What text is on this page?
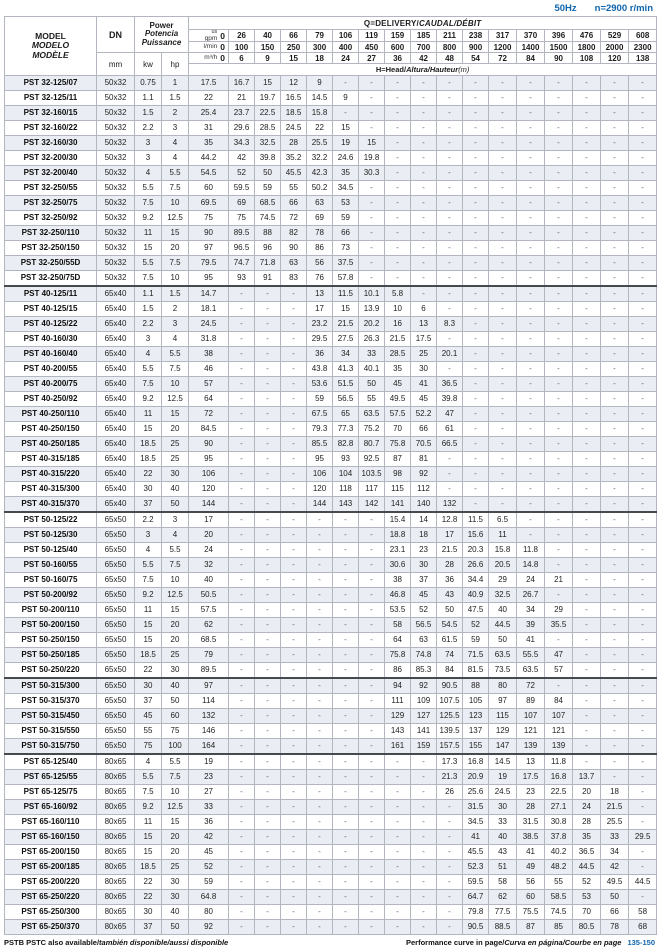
50Hz n=2900 r/min
MODEL
MODELO
MODÈLE	DN	Power
Potencia
Puissance		Q=DELIVERY/CAUDAL/DÉBIT																

				us
gpm 0	26	40	66	79	106	119	159	185	211	238	317	370	396	476	529	608

				l/min 0	100	150	250	300	400	450	600	700	800	900	1200	1400	1500	1800	2000	2300
	mm	kw	hp	m³/h 0	6	9	15	18	24	27	36	42	48	54	72	84	90	108	120	138
				H=Head/Altura/Hauteur(m)																
PST 32-125/07	50x32	0.75	1	17.5	16.7	15	12	9	-	-	-	-	-	-	-	-	-	-	-	-
PST 32-125/11	50x32	1.1	1.5	22	21	19.7	16.5	14.5	9	-	-	-	-	-	-	-	-	-	-	-
PST 32-160/15	50x32	1.5	2	25.4	23.7	22.5	18.5	15.8	-	-	-	-	-	-	-	-	-	-	-	-
PST 32-160/22	50x32	2.2	3	31	29.6	28.5	24.5	22	15	-	-	-	-	-	-	-	-	-	-	-
PST 32-160/30	50x32	3	4	35	34.3	32.5	28	25.5	19	15	-	-	-	-	-	-	-	-	-	-
PST 32-200/30	50x32	3	4	44.2	42	39.8	35.2	32.2	24.6	19.8	-	-	-	-	-	-	-	-	-	-
PST 32-200/40	50x32	4	5.5	54.5	52	50	45.5	42.3	35	30.3	-	-	-	-	-	-	-	-	-	-
PST 32-250/55	50x32	5.5	7.5	60	59.5	59	55	50.2	34.5	-	-	-	-	-	-	-	-	-	-	-
PST 32-250/75	50x32	7.5	10	69.5	69	68.5	66	63	53	-	-	-	-	-	-	-	-	-	-	-
PST 32-250/92	50x32	9.2	12.5	75	75	74.5	72	69	59	-	-	-	-	-	-	-	-	-	-	-
PST 32-250/110	50x32	11	15	90	89.5	88	82	78	66	-	-	-	-	-	-	-	-	-	-	-
PST 32-250/150	50x32	15	20	97	96.5	96	90	86	73	-	-	-	-	-	-	-	-	-	-	-
PST 32-250/55D	50x32	5.5	7.5	79.5	74.7	71.8	63	56	37.5	-	-	-	-	-	-	-	-	-	-	-
PST 32-250/75D	50x32	7.5	10	95	93	91	83	76	57.8	-	-	-	-	-	-	-	-	-	-	-
PST 40-125/11	65x40	1.1	1.5	14.7	-	-	-	13	11.5	10.1	5.8	-	-	-	-	-	-	-	-	-
PST 40-125/15	65x40	1.5	2	18.1	-	-	-	17	15	13.9	10	6	-	-	-	-	-	-	-	-
PST 40-125/22	65x40	2.2	3	24.5	-	-	-	23.2	21.5	20.2	16	13	8.3	-	-	-	-	-	-	-
PST 40-160/30	65x40	3	4	31.8	-	-	-	29.5	27.5	26.3	21.5	17.5	-	-	-	-	-	-	-	-
PST 40-160/40	65x40	4	5.5	38	-	-	-	36	34	33	28.5	25	20.1	-	-	-	-	-	-	-
PST 40-200/55	65x40	5.5	7.5	46	-	-	-	43.8	41.3	40.1	35	30	-	-	-	-	-	-	-	-
PST 40-200/75	65x40	7.5	10	57	-	-	-	53.6	51.5	50	45	41	36.5	-	-	-	-	-	-	-
PST 40-250/92	65x40	9.2	12.5	64	-	-	-	59	56.5	55	49.5	45	39.8	-	-	-	-	-	-	-
PST 40-250/110	65x40	11	15	72	-	-	-	67.5	65	63.5	57.5	52.2	47	-	-	-	-	-	-	-
PST 40-250/150	65x40	15	20	84.5	-	-	-	79.3	77.3	75.2	70	66	61	-	-	-	-	-	-	-
PST 40-250/185	65x40	18.5	25	90	-	-	-	85.5	82.8	80.7	75.8	70.5	66.5	-	-	-	-	-	-	-
PST 40-315/185	65x40	18.5	25	95	-	-	-	95	93	92.5	87	81	-	-	-	-	-	-	-	-
PST 40-315/220	65x40	22	30	106	-	-	-	106	104	103.5	98	92	-	-	-	-	-	-	-	-
PST 40-315/300	65x40	30	40	120	-	-	-	120	118	117	115	112	-	-	-	-	-	-	-	-
PST 40-315/370	65x40	37	50	144	-	-	-	144	143	142	141	140	132	-	-	-	-	-	-	-
PST 50-125/22	65x50	2.2	3	17	-	-	-	-	-	-	15.4	14	12.8	11.5	6.5	-	-	-	-	-
PST 50-125/30	65x50	3	4	20	-	-	-	-	-	-	18.8	18	17	15.6	11	-	-	-	-	-
PST 50-125/40	65x50	4	5.5	24	-	-	-	-	-	-	23.1	23	21.5	20.3	15.8	11.8	-	-	-	-
PST 50-160/55	65x50	5.5	7.5	32	-	-	-	-	-	-	30.6	30	28	26.6	20.5	14.8	-	-	-	-
PST 50-160/75	65x50	7.5	10	40	-	-	-	-	-	-	38	37	36	34.4	29	24	21	-	-	-
PST 50-200/92	65x50	9.2	12.5	50.5	-	-	-	-	-	-	46.8	45	43	40.9	32.5	26.7	-	-	-	-
PST 50-200/110	65x50	11	15	57.5	-	-	-	-	-	-	53.5	52	50	47.5	40	34	29	-	-	-
PST 50-200/150	65x50	15	20	62	-	-	-	-	-	-	58	56.5	54.5	52	44.5	39	35.5	-	-	-
PST 50-250/150	65x50	15	20	68.5	-	-	-	-	-	-	64	63	61.5	59	50	41	-	-	-	-
PST 50-250/185	65x50	18.5	25	79	-	-	-	-	-	-	75.8	74.8	74	71.5	63.5	55.5	47	-	-	-
PST 50-250/220	65x50	22	30	89.5	-	-	-	-	-	-	86	85.3	84	81.5	73.5	63.5	57	-	-	-
PST 50-315/300	65x50	30	40	97	-	-	-	-	-	-	94	92	90.5	88	80	72	-	-	-	-
PST 50-315/370	65x50	37	50	114	-	-	-	-	-	-	111	109	107.5	105	97	89	84	-	-	-
PST 50-315/450	65x50	45	60	132	-	-	-	-	-	-	129	127	125.5	123	115	107	107	-	-	-
PST 50-315/550	65x50	55	75	146	-	-	-	-	-	-	143	141	139.5	137	129	121	121	-	-	-
PST 50-315/750	65x50	75	100	164	-	-	-	-	-	-	161	159	157.5	155	147	139	139	-	-	-
PST 65-125/40	80x65	4	5.5	19	-	-	-	-	-	-	-	-	17.3	16.8	14.5	13	11.8	-	-	-
PST 65-125/55	80x65	5.5	7.5	23	-	-	-	-	-	-	-	-	21.3	20.9	19	17.5	16.8	13.7	-	-
PST 65-125/75	80x65	7.5	10	27	-	-	-	-	-	-	-	-	26	25.6	24.5	23	22.5	20	18	-
PST 65-160/92	80x65	9.2	12.5	33	-	-	-	-	-	-	-	-	-	31.5	30	28	27.1	24	21.5	-
PST 65-160/110	80x65	11	15	36	-	-	-	-	-	-	-	-	-	34.5	33	31.5	30.8	28	25.5	-
PST 65-160/150	80x65	15	20	42	-	-	-	-	-	-	-	-	-	41	40	38.5	37.8	35	33	29.5
PST 65-200/150	80x65	15	20	45	-	-	-	-	-	-	-	-	-	45.5	43	41	40.2	36.5	34	-
PST 65-200/185	80x65	18.5	25	52	-	-	-	-	-	-	-	-	-	52.3	51	49	48.2	44.5	42	-
PST 65-200/220	80x65	22	30	59	-	-	-	-	-	-	-	-	-	59.5	58	56	55	52	49.5	44.5
PST 65-250/220	80x65	22	30	64.8	-	-	-	-	-	-	-	-	-	64.7	62	60	58.5	53	50	-
PST 65-250/300	80x65	30	40	80	-	-	-	-	-	-	-	-	-	79.8	77.5	75.5	74.5	70	66	58
PST 65-250/370	80x65	37	50	92	-	-	-	-	-	-	-	-	-	90.5	88.5	87	85	80.5	78	68
PSTB PSTC also available/también disponible/aussi disponible	Performance curve in page/Curva en página/Courbe en page 135-150
